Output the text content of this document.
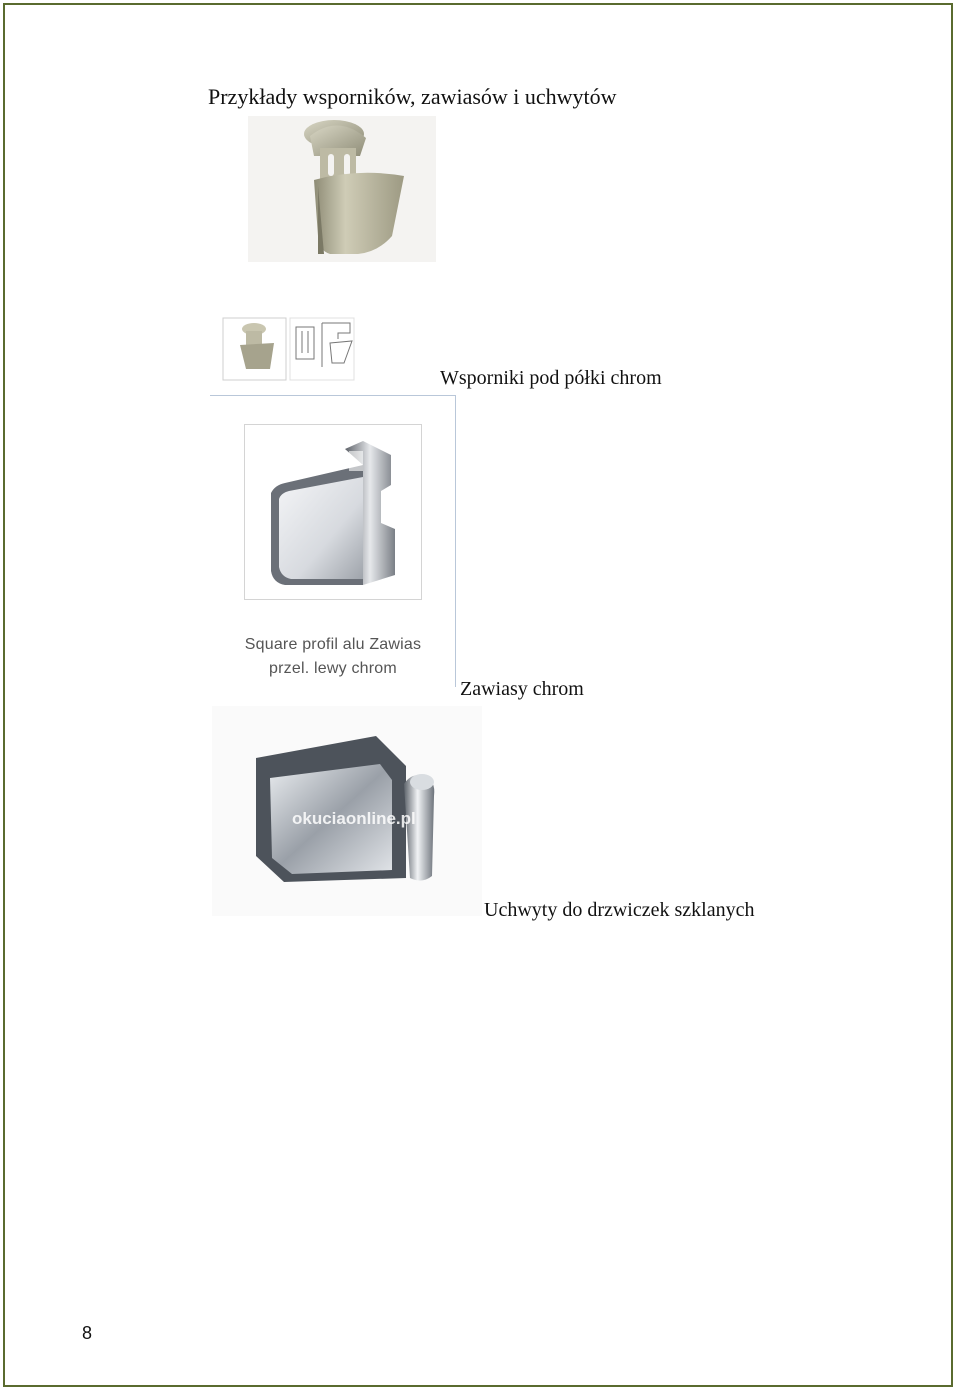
Przykłady wsporników, zawiasów i uchwytów
Wsporniki pod półki chrom
Square profil alu Zawias
przel. lewy chrom
Zawiasy chrom
okuciaonline.pl
Uchwyty do drzwiczek szklanych
8
